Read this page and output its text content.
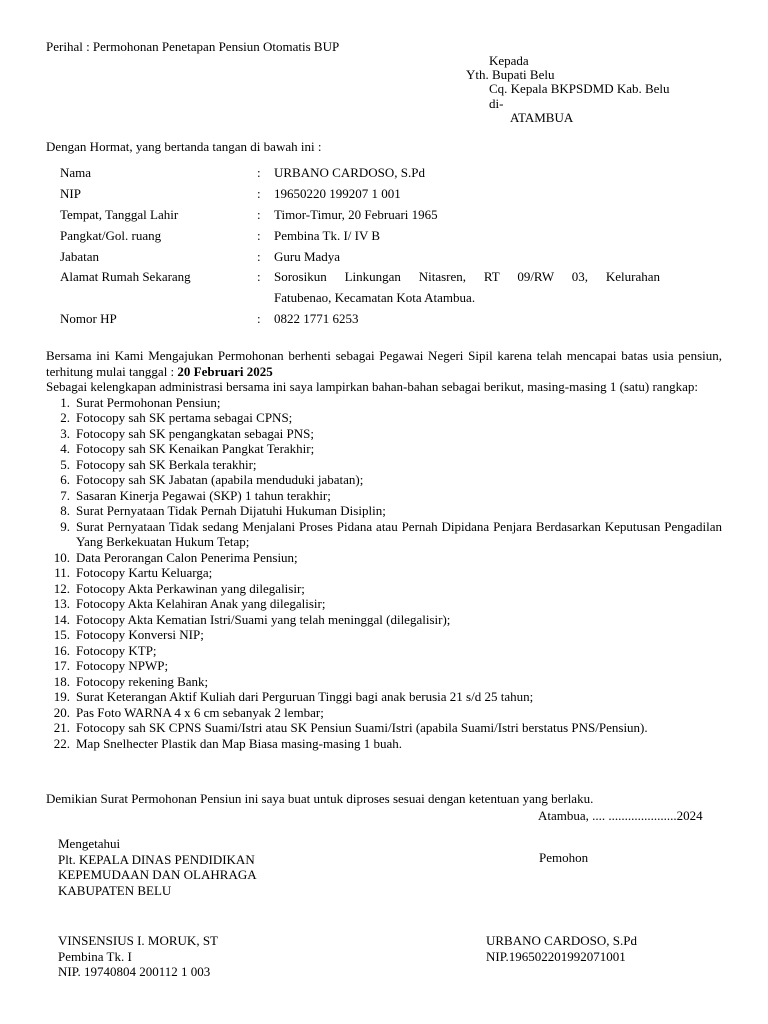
Perihal : Permohonan Penetapan Pensiun Otomatis BUP
Kepada
Yth. Bupati Belu
Cq. Kepala BKPSDMD Kab. Belu
di-
ATAMBUA
Dengan Hormat, yang bertanda tangan di bawah ini :
Nama	:	URBANO CARDOSO, S.Pd
NIP	:	19650220 199207 1 001
Tempat, Tanggal Lahir	:	Timor-Timur, 20 Februari 1965
Pangkat/Gol. ruang	:	Pembina Tk. I/ IV B
Jabatan	:	Guru Madya
Alamat Rumah Sekarang	:	Sorosikun Linkungan Nitasren, RT 09/RW 03, Kelurahan
Fatubenao, Kecamatan Kota Atambua.
Nomor HP	:	0822 1771 6253

Bersama ini Kami Mengajukan Permohonan berhenti sebagai Pegawai Negeri Sipil karena telah mencapai batas usia pensiun, terhitung mulai tanggal : 20 Februari 2025

Sebagai kelengkapan administrasi bersama ini saya lampirkan bahan-bahan sebagai berikut, masing-masing 1 (satu) rangkap:

1. Surat Permohonan Pensiun;
2. Fotocopy sah SK pertama sebagai CPNS;
3. Fotocopy sah SK pengangkatan sebagai PNS;
4. Fotocopy sah SK Kenaikan Pangkat Terakhir;
5. Fotocopy sah SK Berkala terakhir;
6. Fotocopy sah SK Jabatan (apabila menduduki jabatan);
7. Sasaran Kinerja Pegawai (SKP) 1 tahun terakhir;
8. Surat Pernyataan Tidak Pernah Dijatuhi Hukuman Disiplin;
9. Surat Pernyataan Tidak sedang Menjalani Proses Pidana atau Pernah Dipidana Penjara Berdasarkan Keputusan Pengadilan Yang Berkekuatan Hukum Tetap;
10. Data Perorangan Calon Penerima Pensiun;
11. Fotocopy Kartu Keluarga;
12. Fotocopy Akta Perkawinan yang dilegalisir;
13. Fotocopy Akta Kelahiran Anak yang dilegalisir;
14. Fotocopy Akta Kematian Istri/Suami yang telah meninggal (dilegalisir);
15. Fotocopy Konversi NIP;
16. Fotocopy KTP;
17. Fotocopy NPWP;
18. Fotocopy rekening Bank;
19. Surat Keterangan Aktif Kuliah dari Perguruan Tinggi bagi anak berusia 21 s/d 25 tahun;
20. Pas Foto WARNA 4 x 6 cm sebanyak 2 lembar;
21. Fotocopy sah SK CPNS Suami/Istri atau SK Pensiun Suami/Istri (apabila Suami/Istri berstatus PNS/Pensiun).
22. Map Snelhecter Plastik dan Map Biasa masing-masing 1 buah.
Demikian Surat Permohonan Pensiun ini saya buat untuk diproses sesuai dengan ketentuan yang berlaku.
Atambua, .... .....................2024
Mengetahui
Plt. KEPALA DINAS PENDIDIKAN
KEPEMUDAAN DAN OLAHRAGA
KABUPATEN BELU
Pemohon
VINSENSIUS I. MORUK, ST
Pembina Tk. I
NIP. 19740804 200112 1 003
URBANO CARDOSO, S.Pd
NIP.196502201992071001
